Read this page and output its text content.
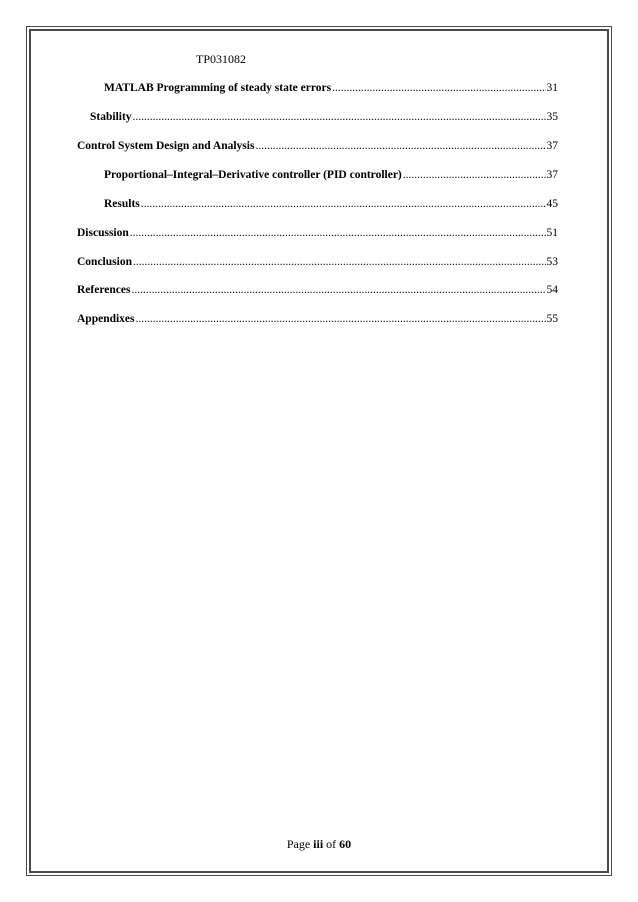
TP031082
MATLAB Programming of steady state errors .....	31
Stability .....	35
Control System Design and Analysis .....	37
Proportional–Integral–Derivative controller (PID controller) .....	37
Results .....	45
Discussion .....	51
Conclusion .....	53
References .....	54
Appendixes .....	55
Page iii of 60
